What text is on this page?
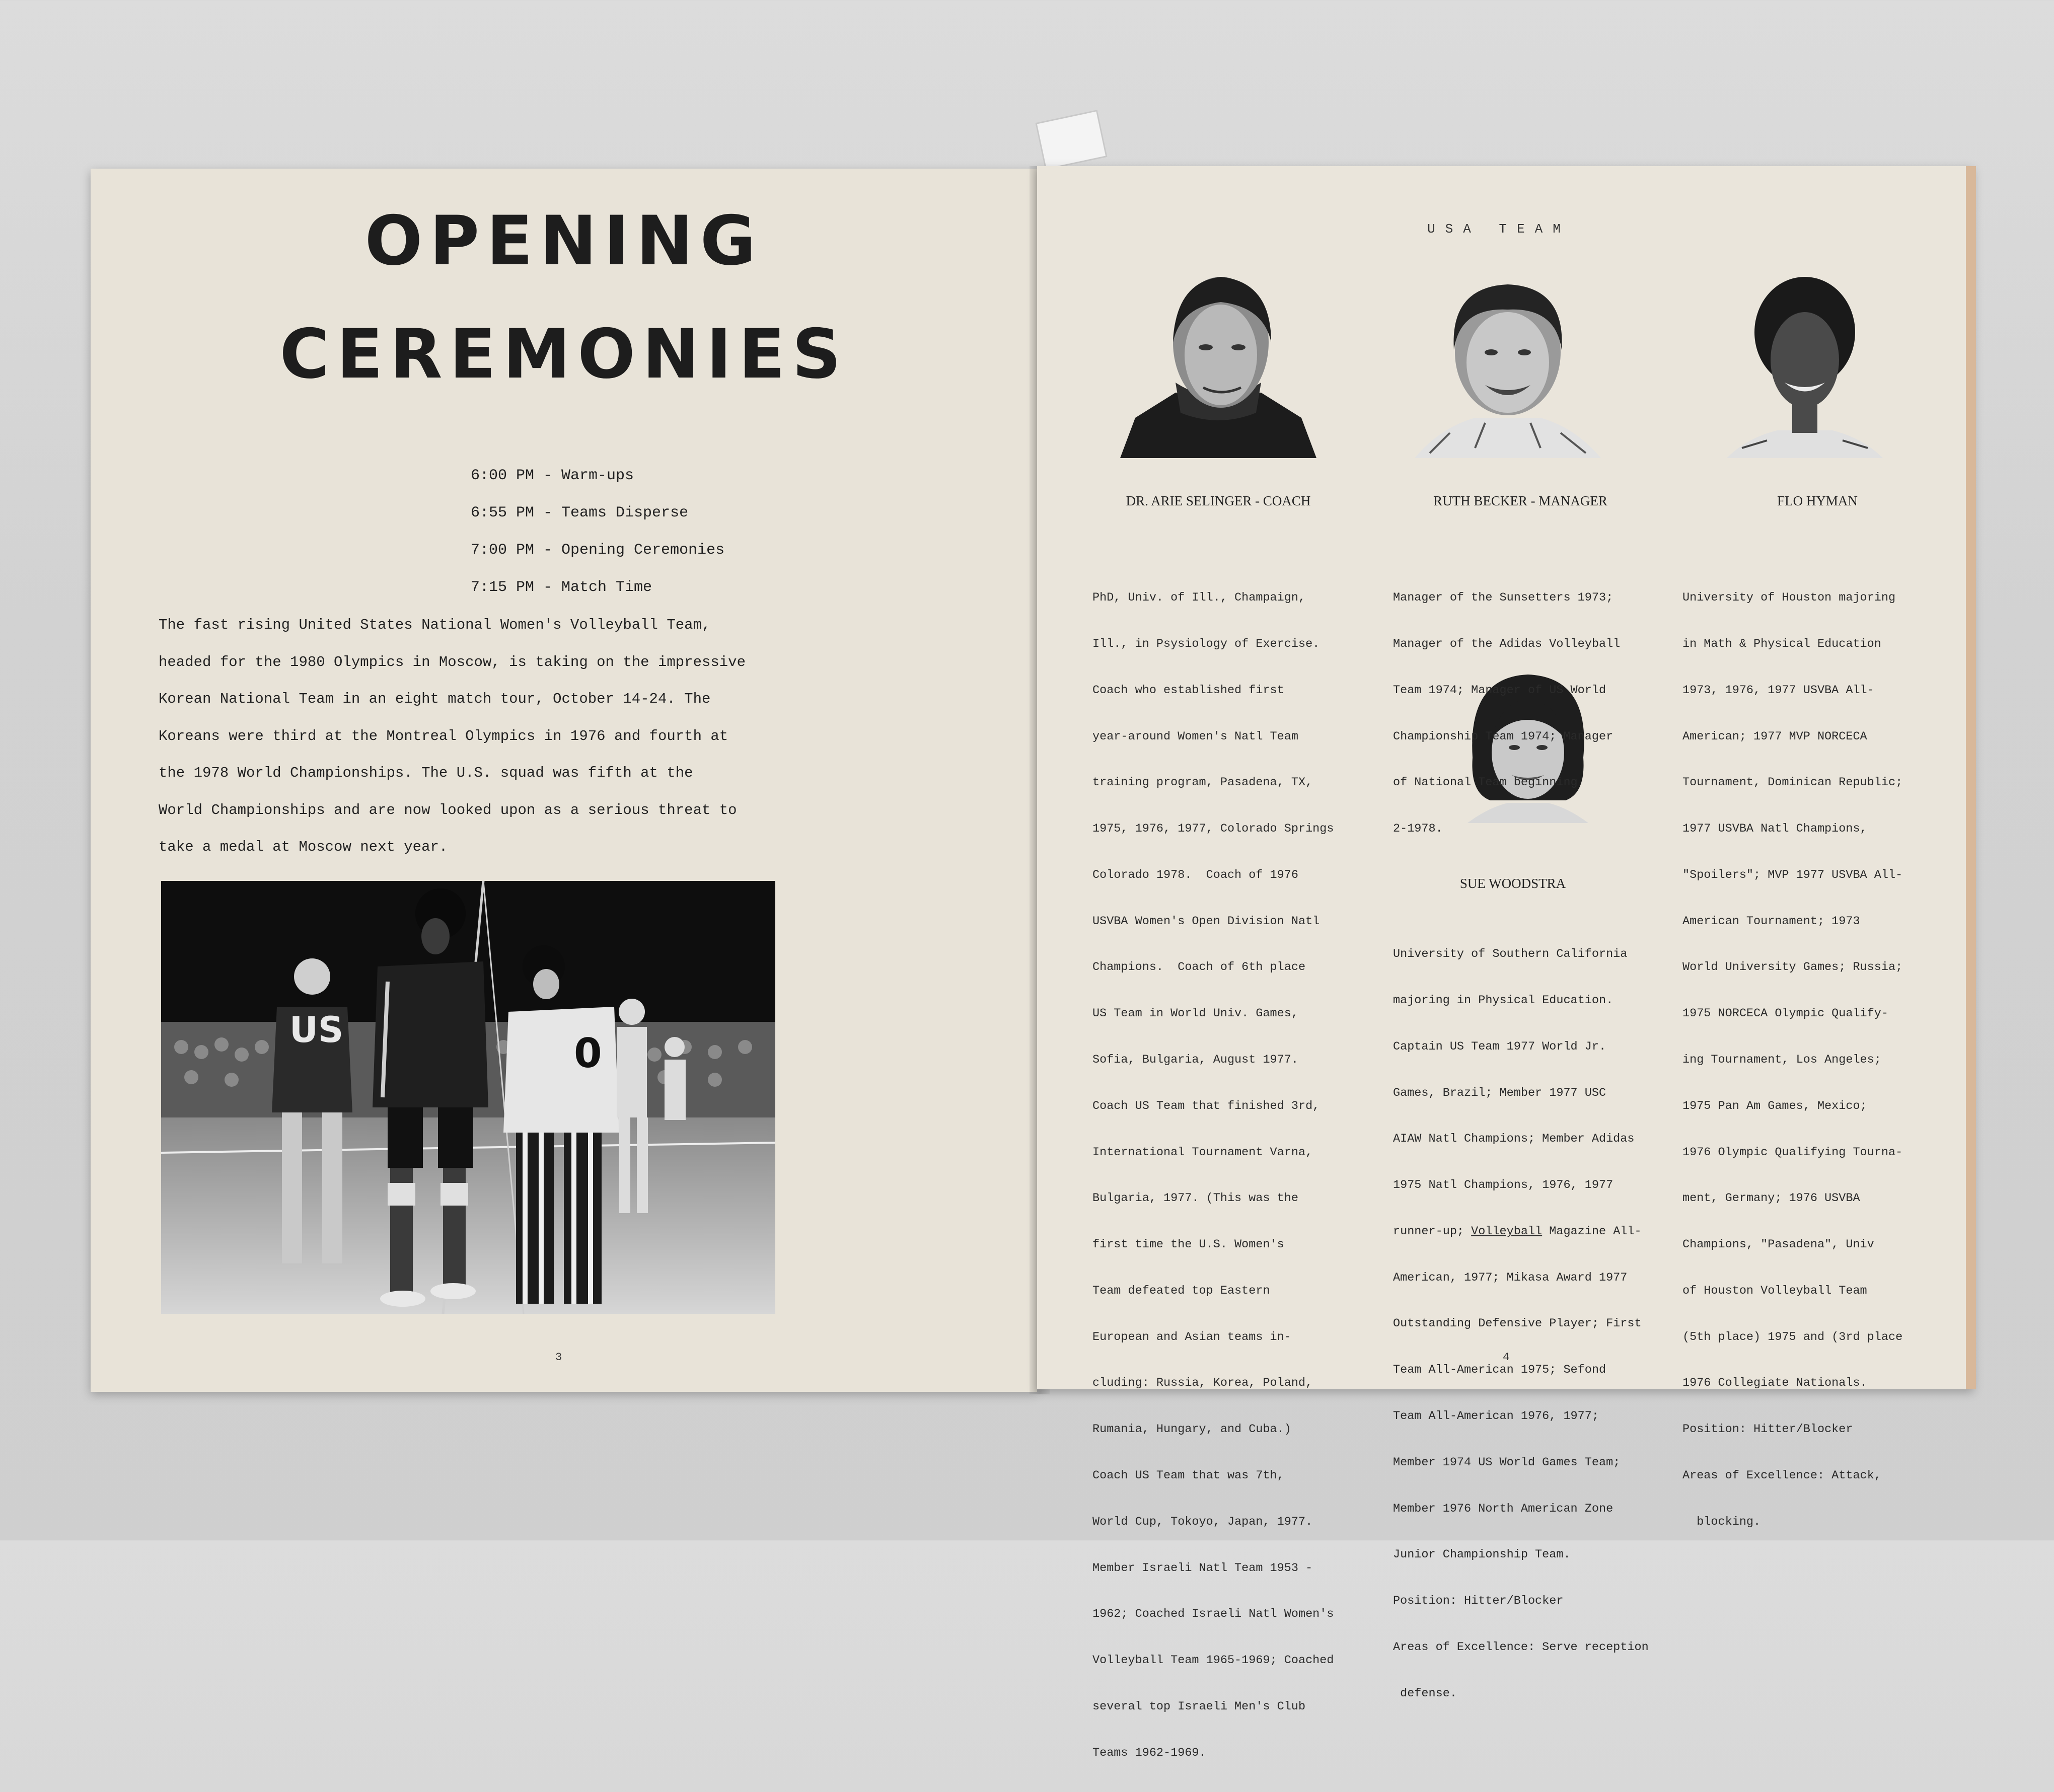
OPENING
CEREMONIES
6:00 PM - Warm-ups
6:55 PM - Teams Disperse
7:00 PM - Opening Ceremonies
7:15 PM - Match Time
The fast rising United States National Women's Volleyball Team,
headed for the 1980 Olympics in Moscow, is taking on the impressive
Korean National Team in an eight match tour, October 14-24. The
Koreans were third at the Montreal Olympics in 1976 and fourth at
the 1978 World Championships. The U.S. squad was fifth at the
World Championships and are now looked upon as a serious threat to
take a medal at Moscow next year.
US	0
3
USA TEAM
DR. ARIE SELINGER - COACH	RUTH BECKER - MANAGER	FLO HYMAN
SUE WOODSTRA

PhD, Univ. of Ill., Champaign,

Ill., in Psysiology of Exercise.

Coach who established first

year-around Women's Natl Team

training program, Pasadena, TX,

1975, 1976, 1977, Colorado Springs

Colorado 1978.  Coach of 1976

USVBA Women's Open Division Natl

Champions.  Coach of 6th place

US Team in World Univ. Games,

Sofia, Bulgaria, August 1977.

Coach US Team that finished 3rd,

International Tournament Varna,

Bulgaria, 1977. (This was the

first time the U.S. Women's

Team defeated top Eastern

European and Asian teams in-

cluding: Russia, Korea, Poland,

Rumania, Hungary, and Cuba.)

Coach US Team that was 7th,

World Cup, Tokoyo, Japan, 1977.

Member Israeli Natl Team 1953 -

1962; Coached Israeli Natl Women's

Volleyball Team 1965-1969; Coached

several top Israeli Men's Club

Teams 1962-1969.

Manager of the Sunsetters 1973;

Manager of the Adidas Volleyball

Team 1974; Manager of US World

Championship Team 1974; Manager

of National Team beginning

2-1978.

University of Houston majoring

in Math & Physical Education

1973, 1976, 1977 USVBA All-

American; 1977 MVP NORCECA

Tournament, Dominican Republic;

1977 USVBA Natl Champions,

"Spoilers"; MVP 1977 USVBA All-

American Tournament; 1973

World University Games; Russia;

1975 NORCECA Olympic Qualify-

ing Tournament, Los Angeles;

1975 Pan Am Games, Mexico;

1976 Olympic Qualifying Tourna-

ment, Germany; 1976 USVBA

Champions, "Pasadena", Univ

of Houston Volleyball Team

(5th place) 1975 and (3rd place

1976 Collegiate Nationals.

Position: Hitter/Blocker

Areas of Excellence: Attack,

blocking.

University of Southern California

majoring in Physical Education.

Captain US Team 1977 World Jr.

Games, Brazil; Member 1977 USC

AIAW Natl Champions; Member Adidas

1975 Natl Champions, 1976, 1977

runner-up; Volleyball Magazine All-

American, 1977; Mikasa Award 1977

Outstanding Defensive Player; First

Team All-American 1975; Sefond

Team All-American 1976, 1977;

Member 1974 US World Games Team;

Member 1976 North American Zone

Junior Championship Team.

Position: Hitter/Blocker

Areas of Excellence: Serve reception

defense.

4
